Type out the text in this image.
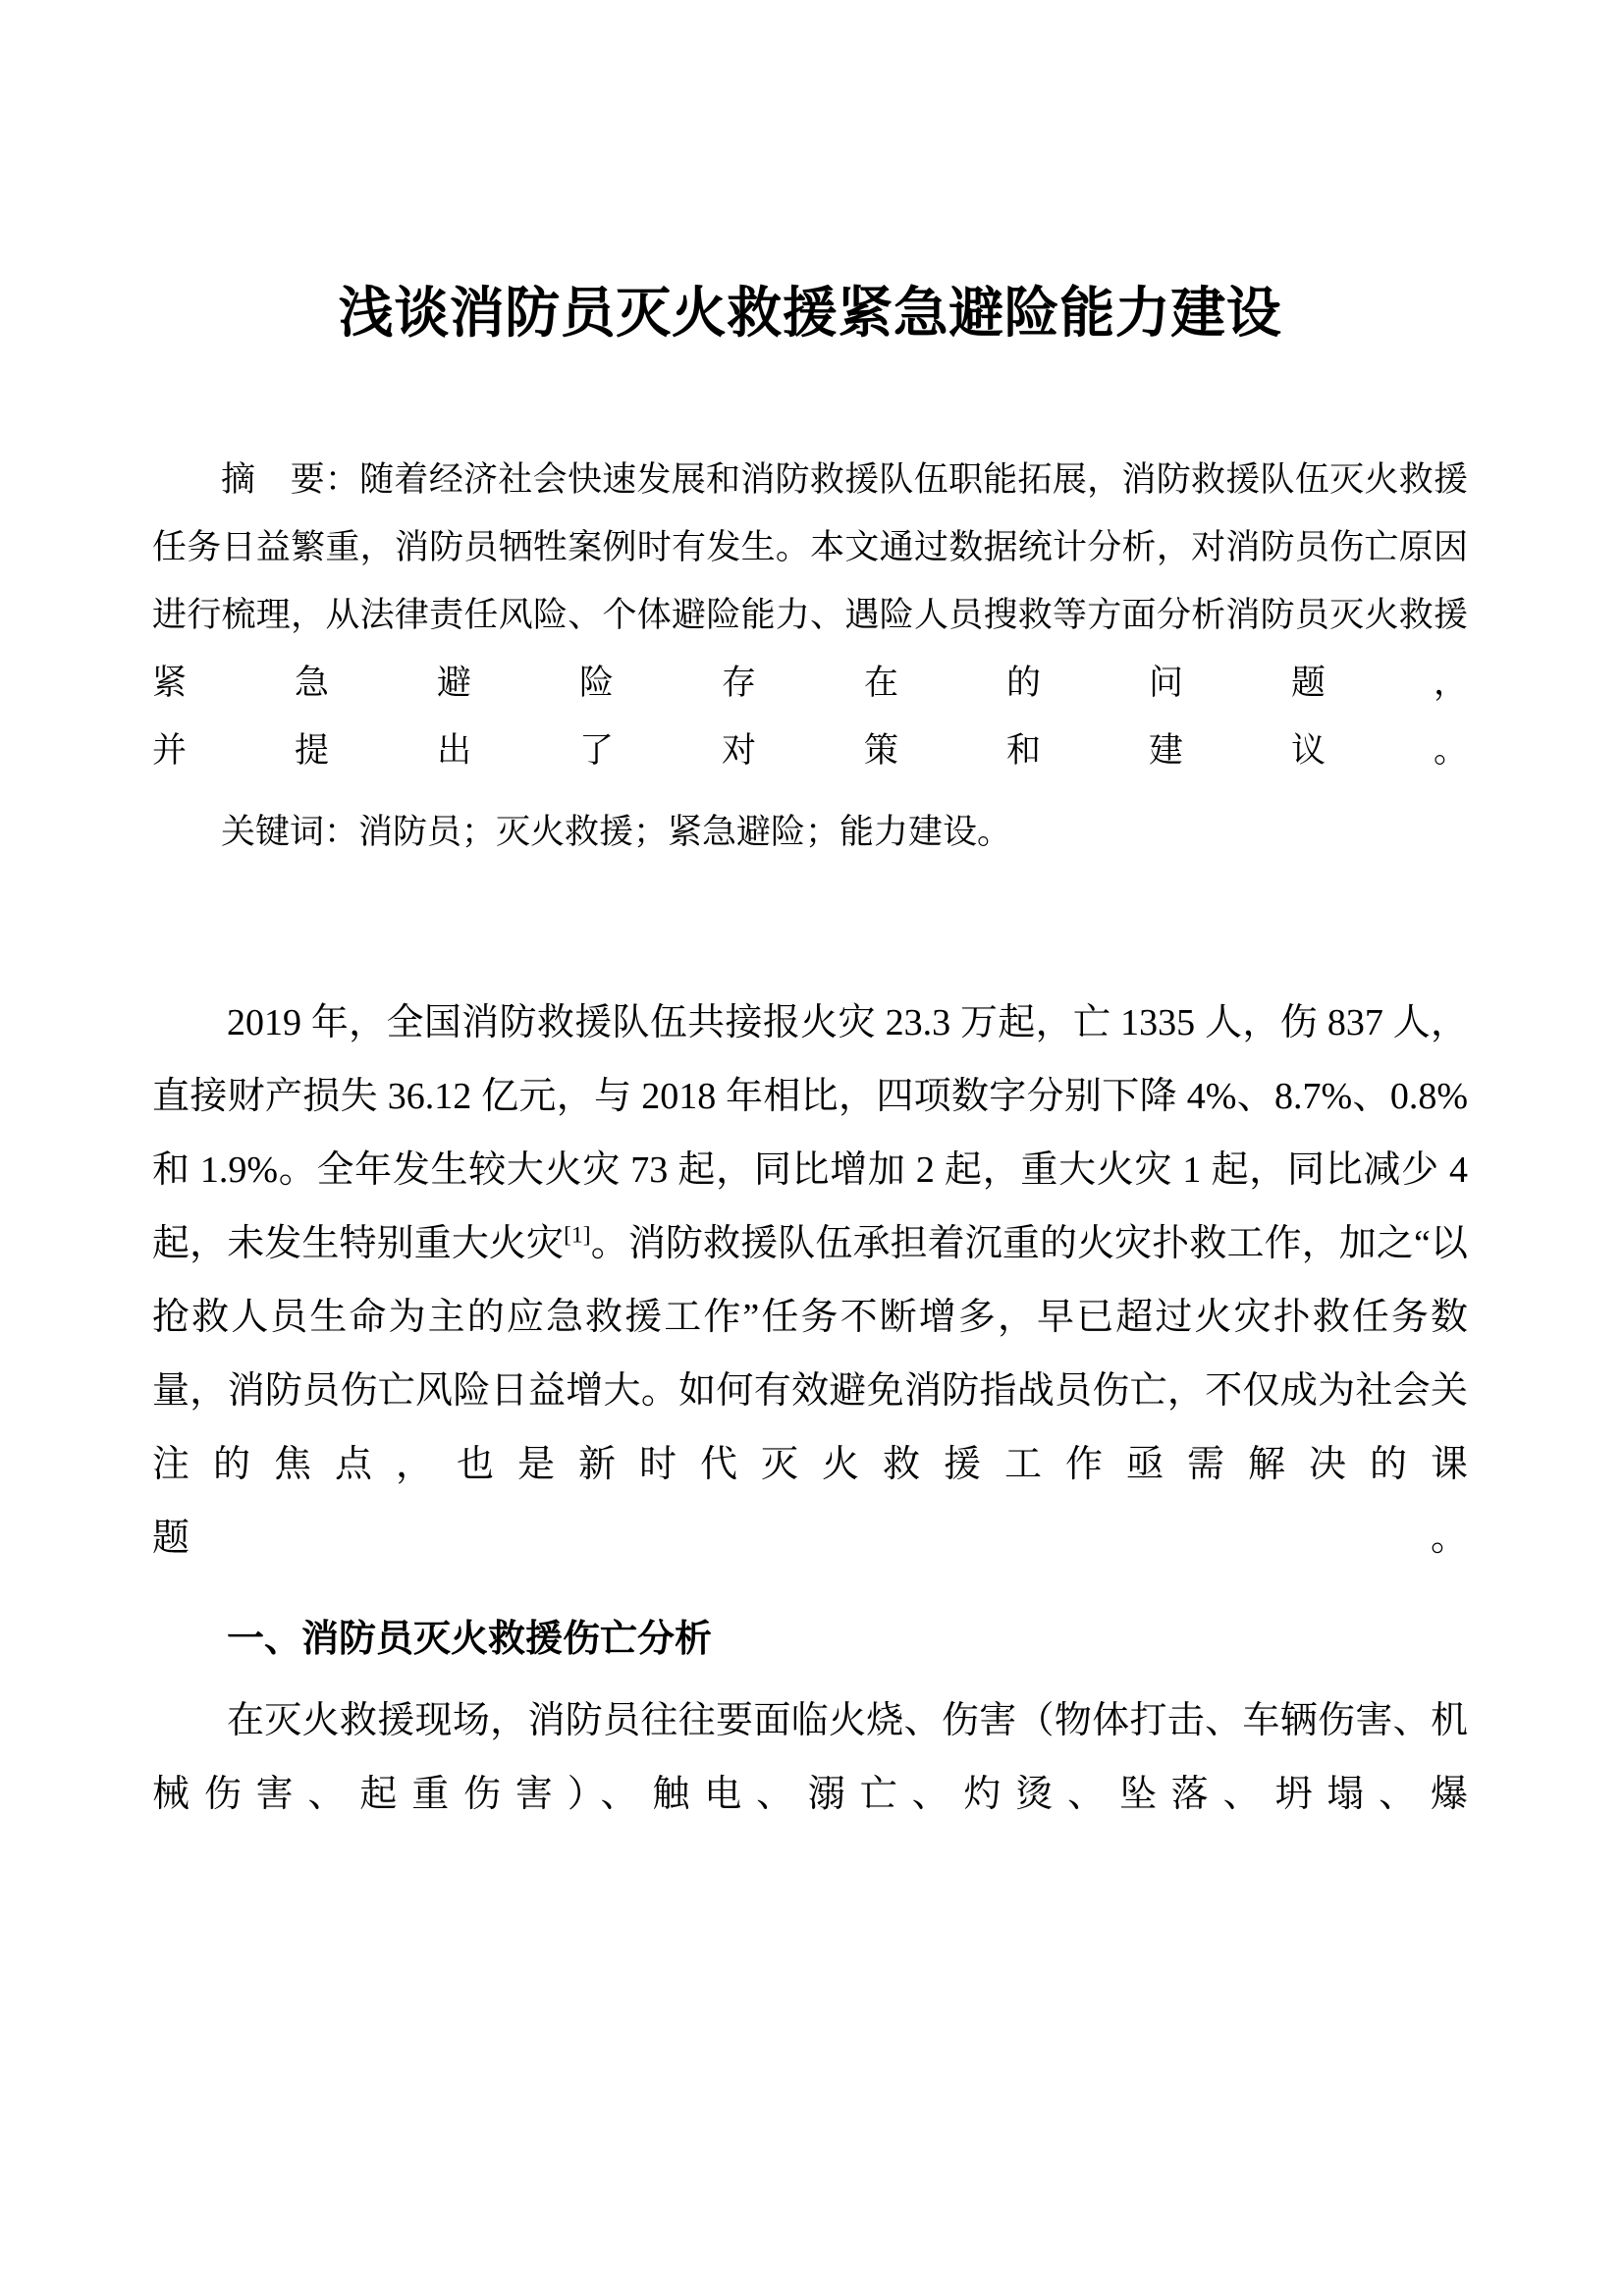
浅谈消防员灭火救援紧急避险能力建设

摘　要：随着经济社会快速发展和消防救援队伍职能拓展，消防救援队伍灭火救援任务日益繁重，消防员牺牲案例时有发生。本文通过数据统计分析，对消防员伤亡原因进行梳理，从法律责任风险、个体避险能力、遇险人员搜救等方面分析消防员灭火救援紧急避险存在的问题，
并提出了对策和建议。

关键词：消防员；灭火救援；紧急避险；能力建设。

2019 年，全国消防救援队伍共接报火灾 23.3 万起，亡 1335 人，伤 837 人，直接财产损失 36.12 亿元，与 2018 年相比，四项数字分别下降 4%、8.7%、0.8% 和 1.9%。全年发生较大火灾 73 起，同比增加 2 起，重大火灾 1 起，同比减少 4 起，未发生特别重大火灾[1]。消防救援队伍承担着沉重的火灾扑救工作，加之“以抢救人员生命为主的应急救援工作”任务不断增多，早已超过火灾扑救任务数量，消防员伤亡风险日益增大。如何有效避免消防指战员伤亡，不仅成为社会关注的焦点，也是新时代灭火救援工作亟需解决的课
题。

一、消防员灭火救援伤亡分析

在灭火救援现场，消防员往往要面临火烧、伤害（物体打击、车辆伤害、机械伤害、起重伤害）、触电、溺亡、灼烫、坠落、坍塌、爆
